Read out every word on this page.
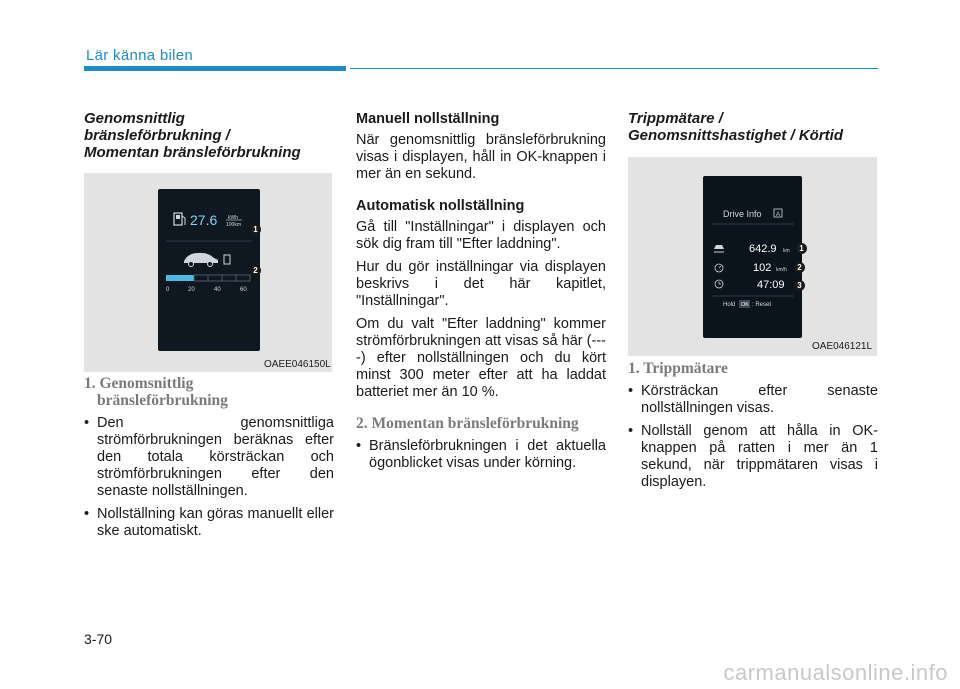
Lär känna bilen
Genomsnittlig
bränsleförbrukning /
Momentan bränsleförbrukning
27.6 kWh
100km
0	20	40	60
1
2
OAEE046150L
1. Genomsnittlig
bränsleförbrukning
• Den genomsnittliga strömförbrukningen beräknas efter den totala körsträckan och strömförbrukningen efter den senaste nollställningen.
• Nollställning kan göras manuellt eller ske automatiskt.
Manuell nollställning

När genomsnittlig bränsleförbrukning visas i displayen, håll in OK-knappen i mer än en sekund.

Automatisk nollställning

Gå till "Inställningar" i displayen och sök dig fram till "Efter laddning".

Hur du gör inställningar via displayen beskrivs i det här kapitlet, "Inställningar".

Om du valt "Efter laddning" kommer strömförbrukningen att visas så här (----) efter nollställningen och du kört minst 300 meter efter att ha laddat batteriet mer än 10 %.

2. Momentan bränsleförbrukning
• Bränsleförbrukningen i det aktuella ögonblicket visas under körning.
Trippmätare /
Genomsnittshastighet / Körtid
Drive Info A
642.9 km
102 km/h
47:09
Hold OK : Reset
1
2
3
OAE046121L
1. Trippmätare
• Körsträckan efter senaste nollställningen visas.
• Nollställ genom att hålla in OK-knappen på ratten i mer än 1 sekund, när trippmätaren visas i displayen.
3-70
carmanualsonline.info
